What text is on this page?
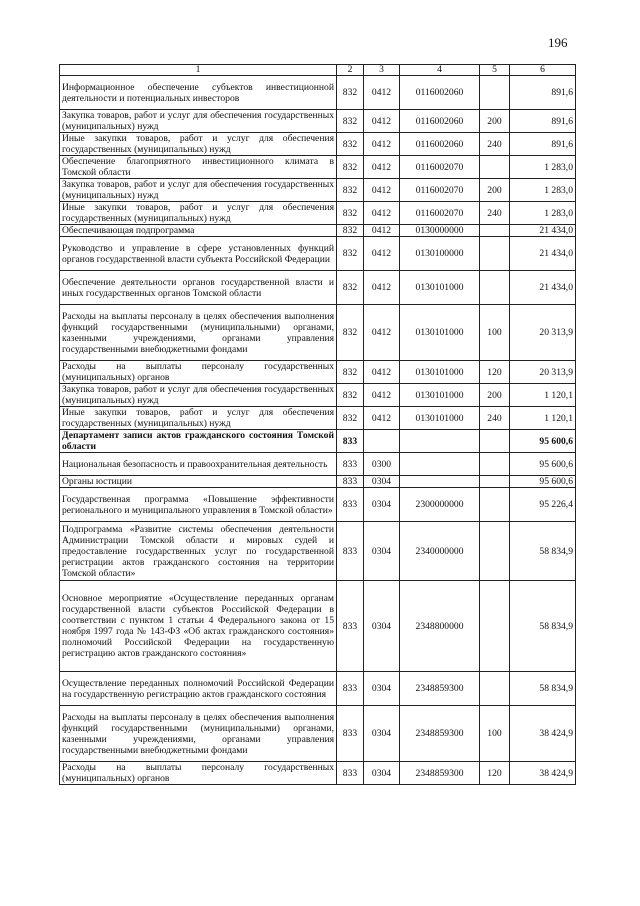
196
1	2	3	4	5	6
Информационное обеспечение субъектов инвестиционной деятельности и потенциальных инвесторов	832	0412	0116002060		891,6
Закупка товаров, работ и услуг для обеспечения государственных (муниципальных) нужд	832	0412	0116002060	200	891,6
Иные закупки товаров, работ и услуг для обеспечения государственных (муниципальных) нужд	832	0412	0116002060	240	891,6
Обеспечение благоприятного инвестиционного климата в Томской области	832	0412	0116002070		1 283,0
Закупка товаров, работ и услуг для обеспечения государственных (муниципальных) нужд	832	0412	0116002070	200	1 283,0
Иные закупки товаров, работ и услуг для обеспечения государственных (муниципальных) нужд	832	0412	0116002070	240	1 283,0
Обеспечивающая подпрограмма	832	0412	0130000000		21 434,0
Руководство и управление в сфере установленных функций органов государственной власти субъекта Российской Федерации	832	0412	0130100000		21 434,0
Обеспечение деятельности органов государственной власти и иных государственных органов Томской области	832	0412	0130101000		21 434,0
Расходы на выплаты персоналу в целях обеспечения выполнения функций государственными (муниципальными) органами, казенными учреждениями, органами управления государственными внебюджетными фондами	832	0412	0130101000	100	20 313,9
Расходы на выплаты персоналу государственных (муниципальных) органов	832	0412	0130101000	120	20 313,9
Закупка товаров, работ и услуг для обеспечения государственных (муниципальных) нужд	832	0412	0130101000	200	1 120,1
Иные закупки товаров, работ и услуг для обеспечения государственных (муниципальных) нужд	832	0412	0130101000	240	1 120,1
Департамент записи актов гражданского состояния Томской области	833				95 600,6
Национальная безопасность и правоохранительная деятельность	833	0300			95 600,6
Органы юстиции	833	0304			95 600,6
Государственная программа «Повышение эффективности регионального и муниципального управления в Томской области»	833	0304	2300000000		95 226,4
Подпрограмма «Развитие системы обеспечения деятельности Администрации Томской области и мировых судей и предоставление государственных услуг по государственной регистрации актов гражданского состояния на территории Томской области»	833	0304	2340000000		58 834,9
Основное мероприятие «Осуществление переданных органам государственной власти субъектов Российской Федерации в соответствии с пунктом 1 статьи 4 Федерального закона от 15 ноября 1997 года № 143-ФЗ «Об актах гражданского состояния» полномочий Российской Федерации на государственную регистрацию актов гражданского состояния»	833	0304	2348800000		58 834,9
Осуществление переданных полномочий Российской Федерации на государственную регистрацию актов гражданского состояния	833	0304	2348859300		58 834,9
Расходы на выплаты персоналу в целях обеспечения выполнения функций государственными (муниципальными) органами, казенными учреждениями, органами управления государственными внебюджетными фондами	833	0304	2348859300	100	38 424,9
Расходы на выплаты персоналу государственных (муниципальных) органов	833	0304	2348859300	120	38 424,9
